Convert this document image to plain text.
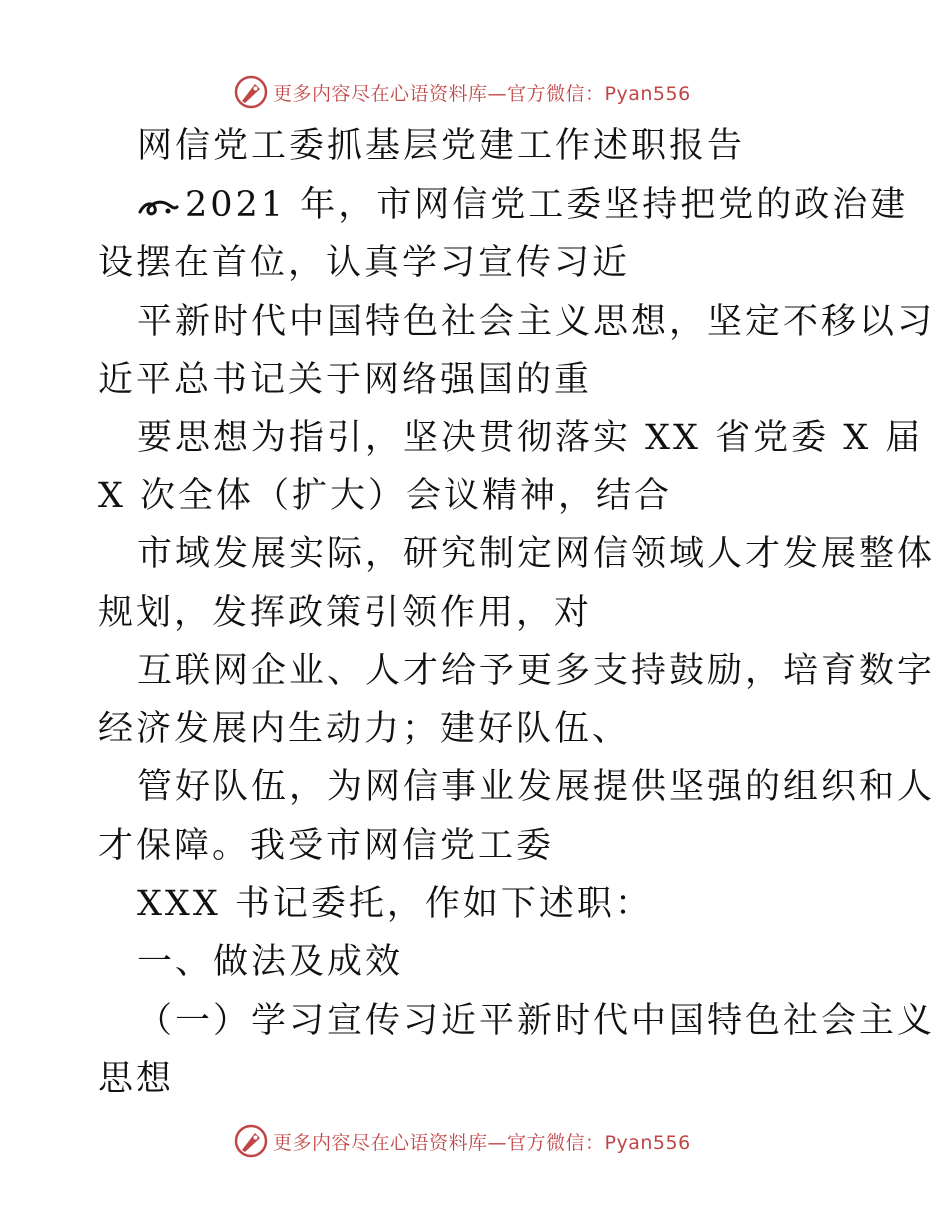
更多内容尽在心语资料库—官方微信：Pyan556
网信党工委抓基层党建工作述职报告
2021 年，市网信党工委坚持把党的政治建
设摆在首位，认真学习宣传习近
平新时代中国特色社会主义思想，坚定不移以习
近平总书记关于网络强国的重
要思想为指引，坚决贯彻落实 XX 省党委 X 届
X 次全体（扩大）会议精神，结合
市域发展实际，研究制定网信领域人才发展整体
规划，发挥政策引领作用，对
互联网企业、人才给予更多支持鼓励，培育数字
经济发展内生动力；建好队伍、
管好队伍，为网信事业发展提供坚强的组织和人
才保障。我受市网信党工委
XXX 书记委托，作如下述职：
一、做法及成效
（一）学习宣传习近平新时代中国特色社会主义
思想
更多内容尽在心语资料库—官方微信：Pyan556
